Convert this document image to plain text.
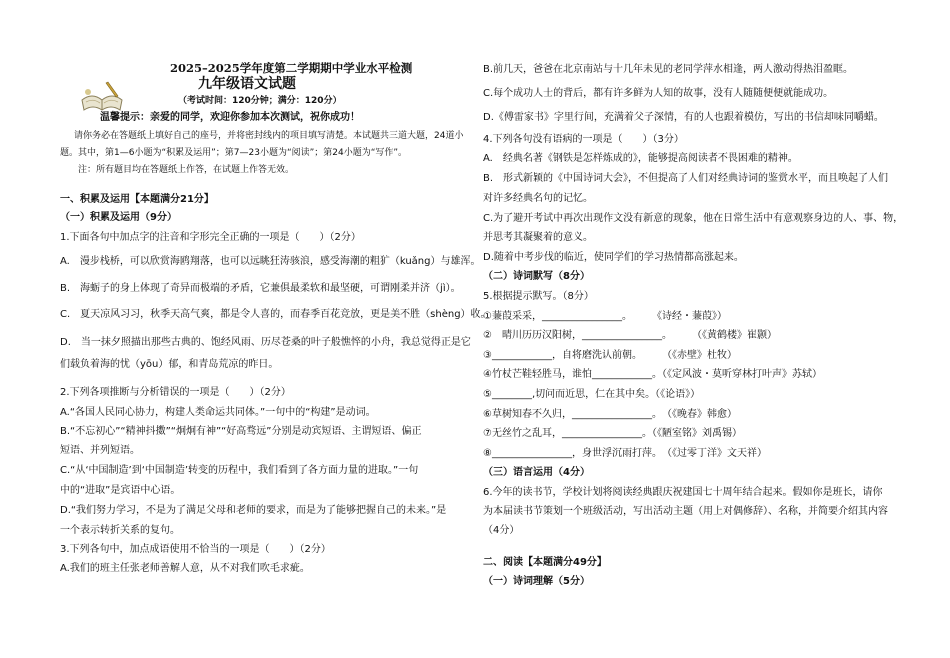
2025–2025学年度第二学期期中学业水平检测
九年级语文试题
（考试时间：120分钟；满分：120分）
温馨提示：亲爱的同学，欢迎你参加本次测试，祝你成功！
请你务必在答题纸上填好自己的座号，并将密封线内的项目填写清楚。本试题共三道大题，24道小
题。其中，第1—6小题为“积累及运用”；第7—23小题为“阅读”；第24小题为“写作”。
注：所有题目均在答题纸上作答，在试题上作答无效。
一、积累及运用【本题满分21分】
（一）积累及运用（9分）
1.下面各句中加点字的注音和字形完全正确的一项是（　　）（2分）
A.　漫步栈桥，可以欣赏海鸥翔落，也可以远眺狂涛骇浪，感受海潮的粗犷（kuǎng）与雄浑。
B.　海蛎子的身上体现了奇异而极端的矛盾，它兼俱最柔软和最坚硬，可谓刚柔并济（jì）。
C.　夏天凉风习习，秋季天高气爽，都是令人喜的，而春季百花竞放，更是美不胜（shèng）收。
D.　当一抹夕照描出那些古典的、饱经风雨、历尽苍桑的叶子般憔悴的小舟，我总觉得正是它
们载负着海的忧（yōu）郁，和青岛荒凉的昨日。
2.下列各项推断与分析错误的一项是（　　）（2分）
A.“各国人民同心协力，构建人类命运共同体。”一句中的“构建”是动词。
B.“不忘初心”“精神抖擞”“炯炯有神”“好高骛远”分别是动宾短语、主谓短语、偏正
短语、并列短语。
C.“从‘中国制造’到‘中国制造’转变的历程中，我们看到了各方面力量的进取。”一句
中的“进取”是宾语中心语。
D.“我们努力学习，不是为了满足父母和老师的要求，而是为了能够把握自己的未来。”是
一个表示转折关系的复句。
3.下列各句中，加点成语使用不恰当的一项是（　　）（2分）
A.我们的班主任张老师善解人意，从不对我们吹毛求疵。
B.前几天，爸爸在北京南站与十几年未见的老同学萍水相逢，两人激动得热泪盈眶。
C.每个成功人士的背后，都有许多鲜为人知的故事，没有人随随便便就能成功。
D.《傅雷家书》字里行间，充满着父子深情，有的人也跟着模仿，写出的书信却味同嚼蜡。
4.下列各句没有语病的一项是（　　）（3分）
A.　经典名著《钢铁是怎样炼成的》，能够提高阅读者不畏困难的精神。
B.　形式新颖的《中国诗词大会》，不但提高了人们对经典诗词的鉴赏水平，而且唤起了人们
对许多经典名句的记忆。
C.为了避开考试中再次出现作文没有新意的现象，他在日常生活中有意观察身边的人、事、物，
并思考其凝聚着的意义。
D.随着中考步伐的临近，使同学们的学习热情都高涨起来。
（二）诗词默写（8分）
5.根据提示默写。（8分）
①蒹葭采采，________________。　　　《诗经・蒹葭》）
②　晴川历历汉阳树，________________。　　　（《黄鹤楼》崔颢）
③____________，自将磨洗认前朝。　　　（《赤壁》杜牧）
④竹杖芒鞋轻胜马，谁怕____________。（《定风波・莫听穿林打叶声》苏轼）
⑤________,切问而近思，仁在其中矣。（《论语》）
⑥草树知春不久归，________________。　（《晚春》韩愈）
⑦无丝竹之乱耳，________________。（《陋室铭》刘禹锡）
⑧________________，身世浮沉雨打萍。　（《过零丁洋》文天祥）
（三）语言运用（4分）
6.今年的读书节，学校计划将阅读经典跟庆祝建国七十周年结合起来。假如你是班长，请你
为本届读书节策划一个班级活动，写出活动主题（用上对偶修辞）、名称，并简要介绍其内容
（4分）
二、阅读【本题满分49分】
（一）诗词理解（5分）
